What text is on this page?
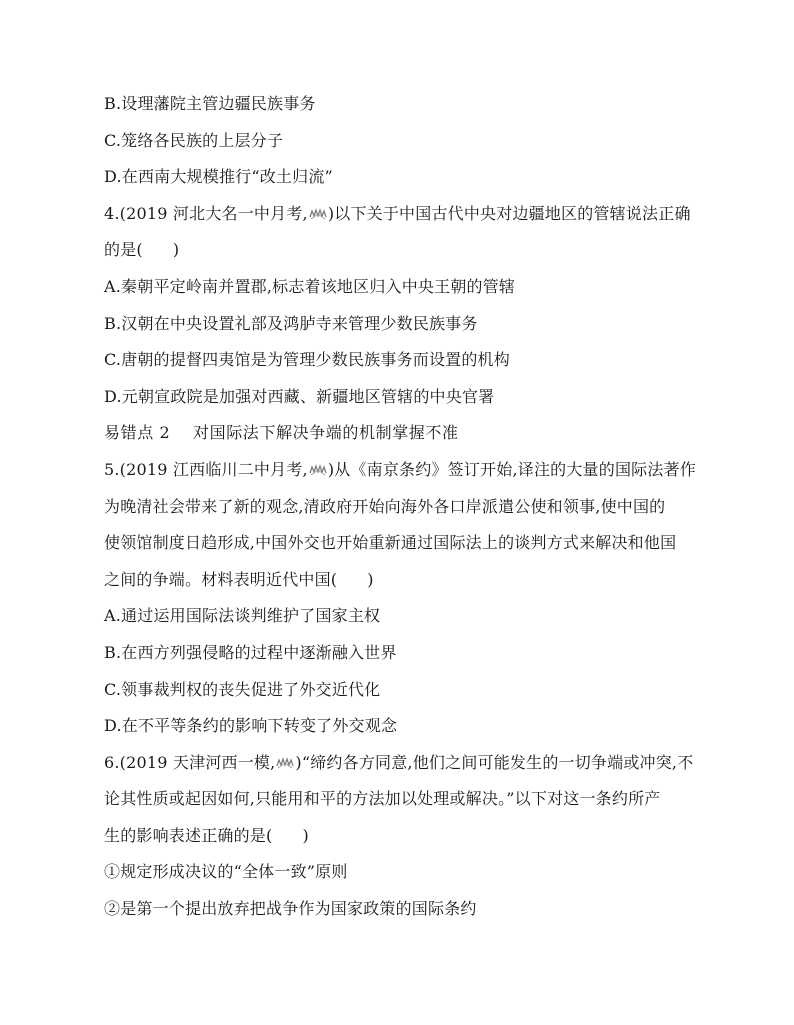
B.设理藩院主管边疆民族事务
C.笼络各民族的上层分子
D.在西南大规模推行“改土归流”
4.(2019 河北大名一中月考, )以下关于中国古代中央对边疆地区的管辖说法正确
的是( )
A.秦朝平定岭南并置郡,标志着该地区归入中央王朝的管辖
B.汉朝在中央设置礼部及鸿胪寺来管理少数民族事务
C.唐朝的提督四夷馆是为管理少数民族事务而设置的机构
D.元朝宣政院是加强对西藏、新疆地区管辖的中央官署
易错点 2    对国际法下解决争端的机制掌握不准
5.(2019 江西临川二中月考, )从《南京条约》签订开始,译注的大量的国际法著作
为晚清社会带来了新的观念,清政府开始向海外各口岸派遣公使和领事,使中国的
使领馆制度日趋形成,中国外交也开始重新通过国际法上的谈判方式来解决和他国
之间的争端。材料表明近代中国( )
A.通过运用国际法谈判维护了国家主权
B.在西方列强侵略的过程中逐渐融入世界
C.领事裁判权的丧失促进了外交近代化
D.在不平等条约的影响下转变了外交观念
6.(2019 天津河西一模, )“缔约各方同意,他们之间可能发生的一切争端或冲突,不
论其性质或起因如何,只能用和平的方法加以处理或解决。”以下对这一条约所产
生的影响表述正确的是( )
①规定形成决议的“全体一致”原则
②是第一个提出放弃把战争作为国家政策的国际条约
